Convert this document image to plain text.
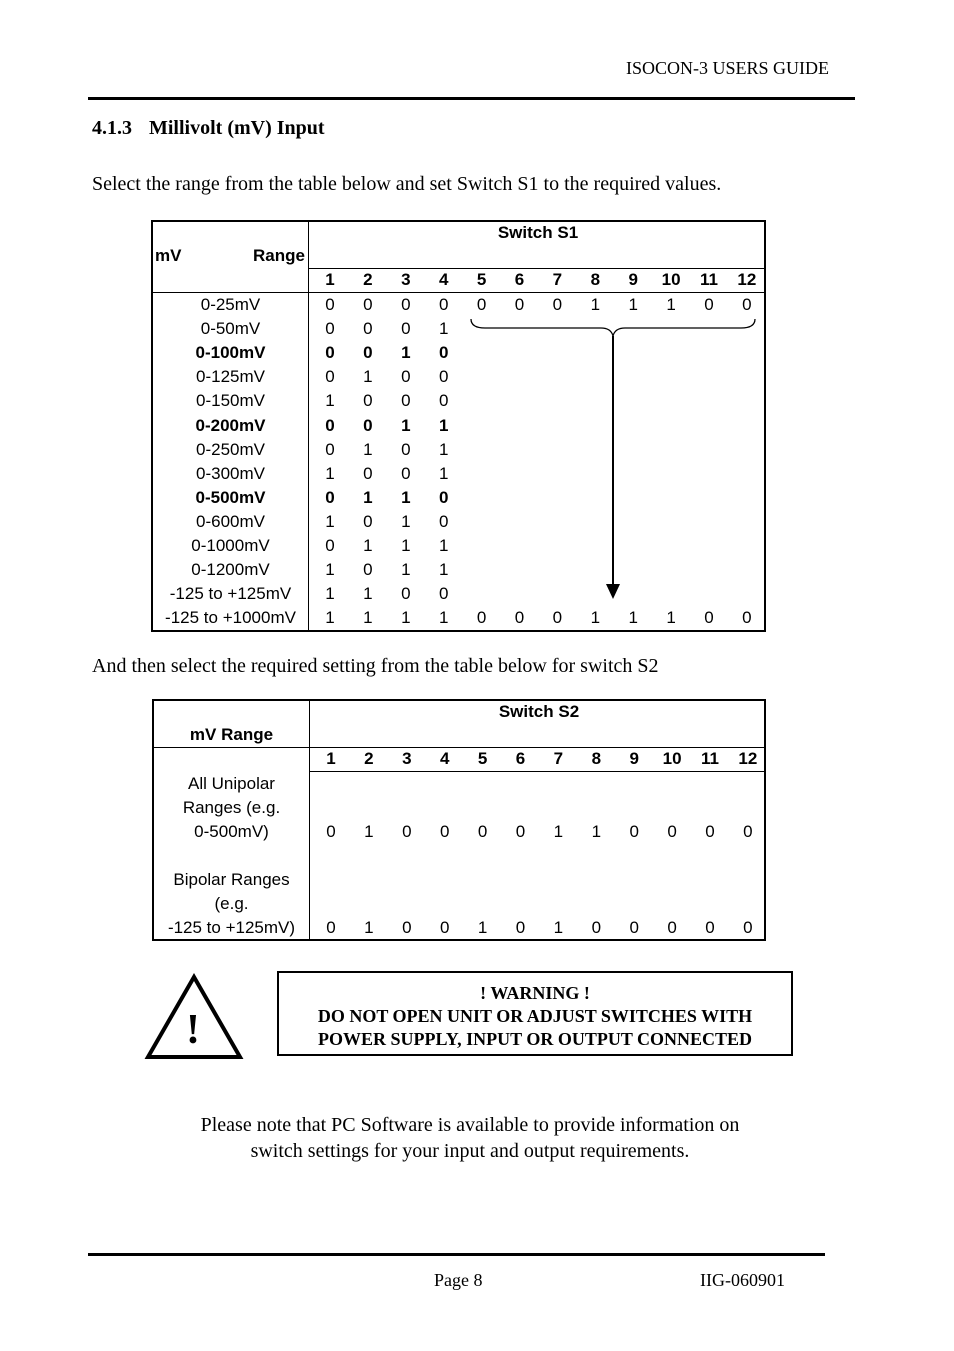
ISOCON-3 USERS GUIDE
4.1.3 Millivolt (mV) Input
Select the range from the table below and set Switch S1 to the required values.
Switch S1
mV	Range
1	2	3	4	5	6	7	8	9	10	11	12
0-25mV	0	0	0	0	0	0	0	1	1	1	0	0
0-50mV	0	0	0	1
0-100mV	0	0	1	0
0-125mV	0	1	0	0
0-150mV	1	0	0	0
0-200mV	0	0	1	1
0-250mV	0	1	0	1
0-300mV	1	0	0	1
0-500mV	0	1	1	0
0-600mV	1	0	1	0
0-1000mV	0	1	1	1
0-1200mV	1	0	1	1
-125 to +125mV	1	1	0	0
-125 to +1000mV	1	1	1	1	0	0	0	1	1	1	0	0
And then select the required setting from the table below for switch S2
Switch S2
mV Range
1	2	3	4	5	6	7	8	9	10	11	12
All Unipolar
Ranges (e.g.
0-500mV)	0	1	0	0	0	0	1	1	0	0	0	0
Bipolar Ranges
(e.g.
-125 to +125mV)	0	1	0	0	1	0	1	0	0	0	0	0
!
! WARNING !
DO NOT OPEN UNIT OR ADJUST SWITCHES WITH
POWER SUPPLY, INPUT OR OUTPUT CONNECTED
Please note that PC Software is available to provide information on
switch settings for your input and output requirements.
Page 8	IIG-060901
